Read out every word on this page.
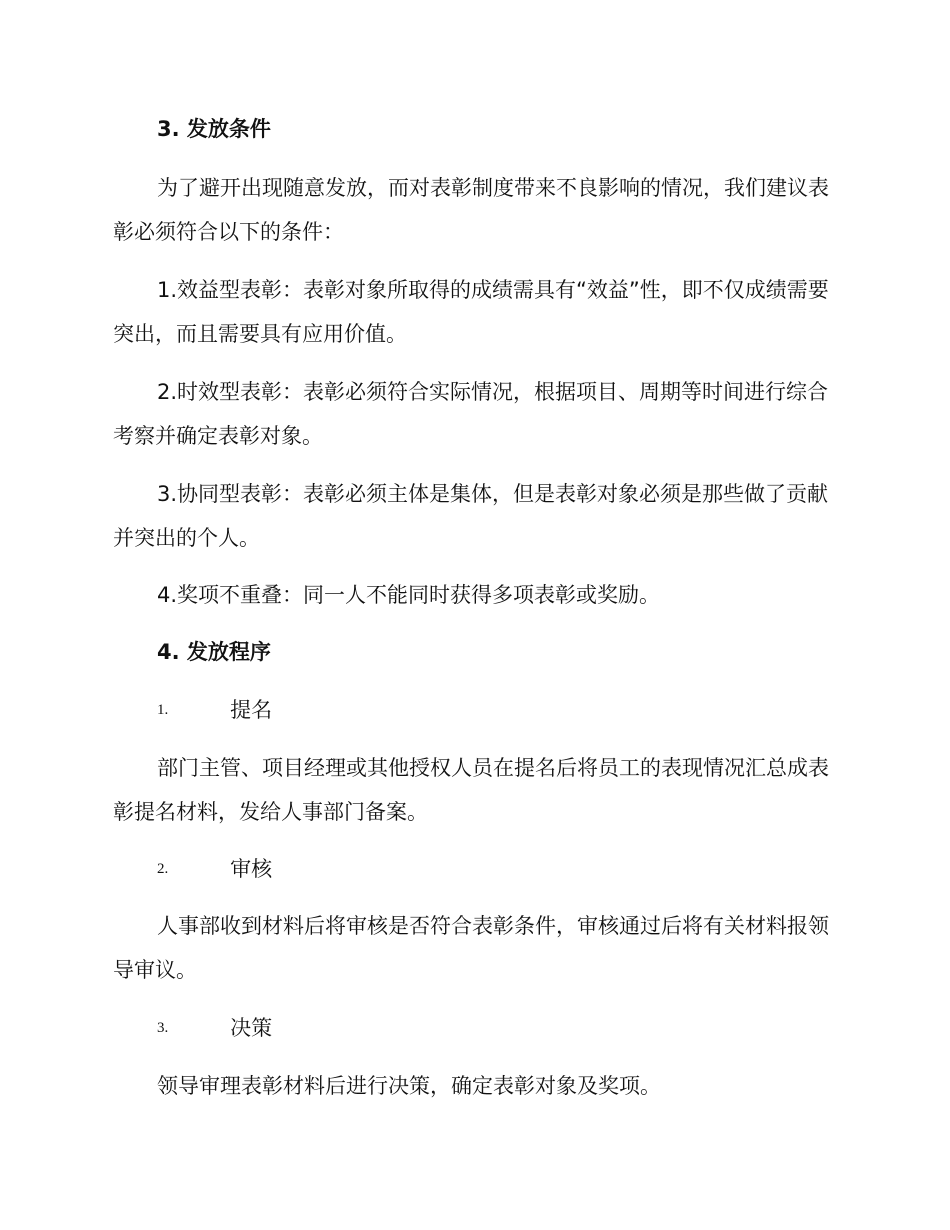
3. 发放条件

为了避开出现随意发放，而对表彰制度带来不良影响的情况，我们建议表彰必须符合以下的条件：

1.效益型表彰：表彰对象所取得的成绩需具有“效益”性，即不仅成绩需要突出，而且需要具有应用价值。

2.时效型表彰：表彰必须符合实际情况，根据项目、周期等时间进行综合考察并确定表彰对象。

3.协同型表彰：表彰必须主体是集体，但是表彰对象必须是那些做了贡献并突出的个人。

4.奖项不重叠：同一人不能同时获得多项表彰或奖励。
4. 发放程序
1.	提名

部门主管、项目经理或其他授权人员在提名后将员工的表现情况汇总成表彰提名材料，发给人事部门备案。

2.	审核

人事部收到材料后将审核是否符合表彰条件，审核通过后将有关材料报领导审议。

3.	决策
领导审理表彰材料后进行决策，确定表彰对象及奖项。
